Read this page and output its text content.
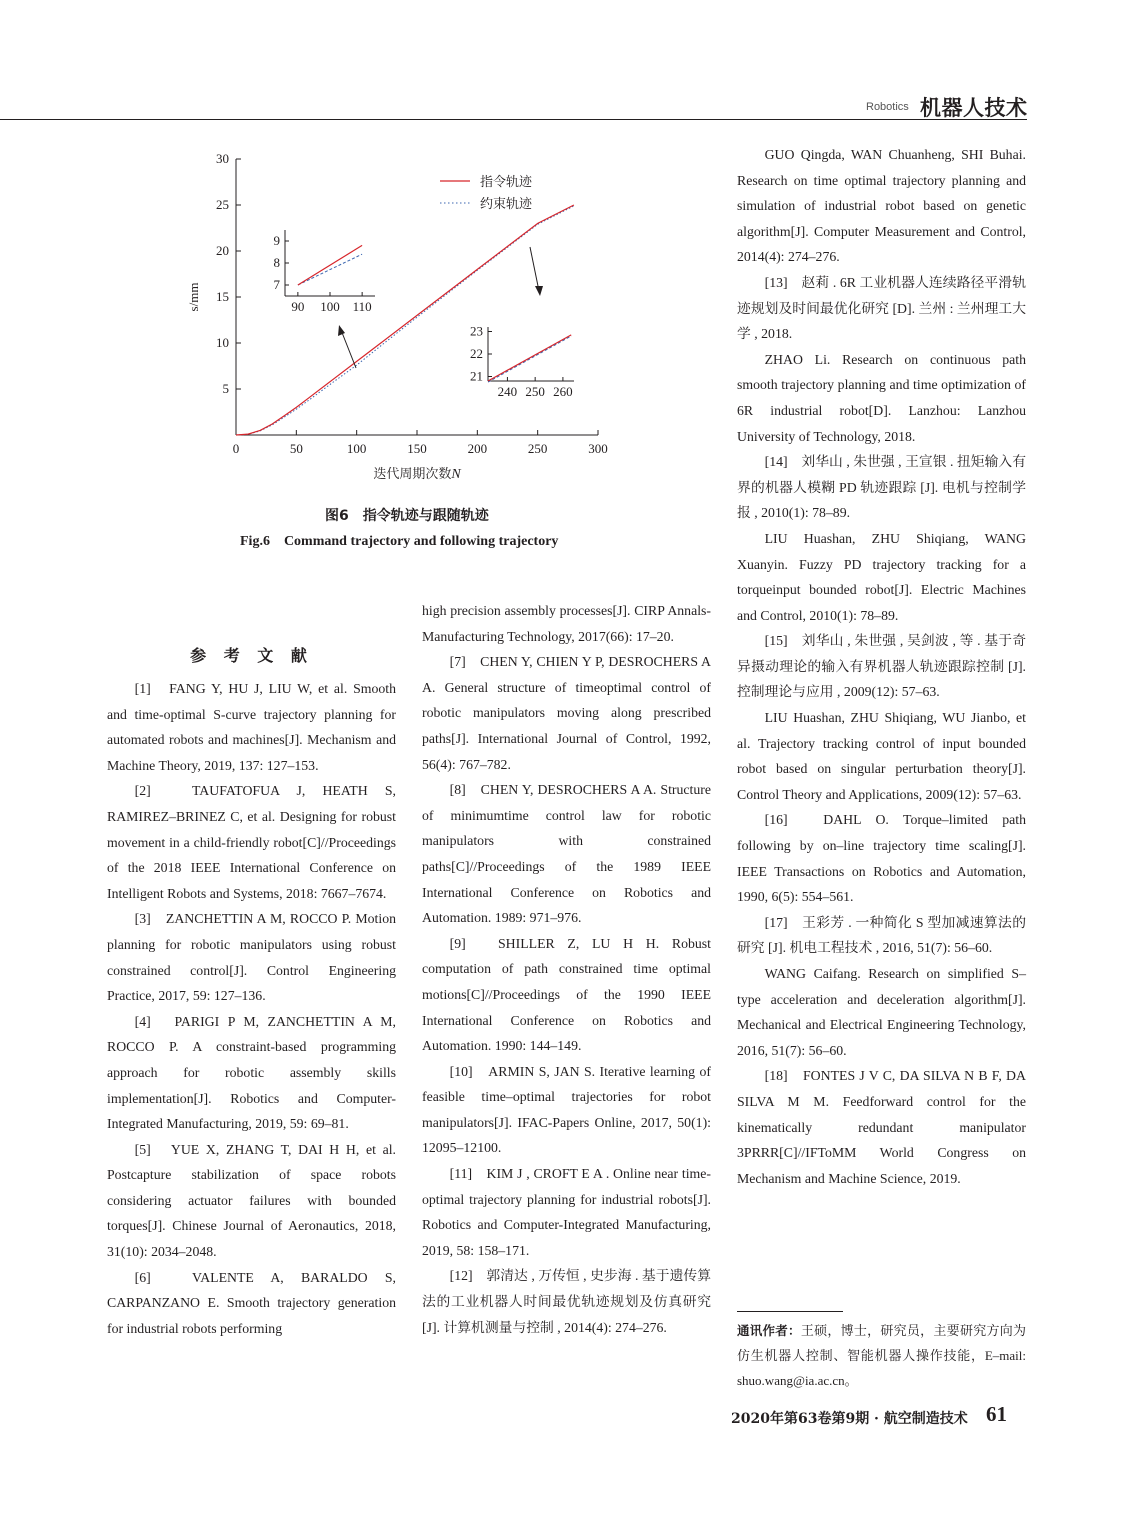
Robotics 机器人技术
0	50	100	150	200	250	300
5
10
15
20
25
30
迭代周期次数N
s/mm	90 100 110
7
8
9
240 250 260
21
22
23
指令轨迹
约束轨迹
图6　指令轨迹与跟随轨迹
Fig.6　Command trajectory and following trajectory
参 考 文 献

[1]　FANG Y, HU J, LIU W, et al. Smooth and time-optimal S-curve trajectory planning for automated robots and machines[J]. Mechanism and Machine Theory, 2019, 137: 127–153.

[2]　TAUFATOFUA J, HEATH S, RAMIREZ–BRINEZ C, et al. Designing for robust movement in a child-friendly robot[C]//Proceedings of the 2018 IEEE International Conference on Intelligent Robots and Systems, 2018: 7667–7674.

[3]　ZANCHETTIN A M, ROCCO P. Motion planning for robotic manipulators using robust constrained control[J]. Control Engineering Practice, 2017, 59: 127–136.

[4]　PARIGI P M, ZANCHETTIN A M, ROCCO P. A constraint-based programming approach for robotic assembly skills implementation[J]. Robotics and Computer-Integrated Manufacturing, 2019, 59: 69–81.

[5]　YUE X, ZHANG T, DAI H H, et al. Postcapture stabilization of space robots considering actuator failures with bounded torques[J]. Chinese Journal of Aeronautics, 2018, 31(10): 2034–2048.

[6]　VALENTE A, BARALDO S, CARPANZANO E. Smooth trajectory generation for industrial robots performing

high precision assembly processes[J]. CIRP Annals-Manufacturing Technology, 2017(66): 17–20.

[7]　CHEN Y, CHIEN Y P, DESROCHERS A A. General structure of timeoptimal control of robotic manipulators moving along prescribed paths[J]. International Journal of Control, 1992, 56(4): 767–782.

[8]　CHEN Y, DESROCHERS A A. Structure of minimumtime control law for robotic manipulators with constrained paths[C]//Proceedings of the 1989 IEEE International Conference on Robotics and Automation. 1989: 971–976.

[9]　SHILLER Z, LU H H. Robust computation of path constrained time optimal motions[C]//Proceedings of the 1990 IEEE International Conference on Robotics and Automation. 1990: 144–149.

[10]　ARMIN S, JAN S. Iterative learning of feasible time–optimal trajectories for robot manipulators[J]. IFAC-Papers Online, 2017, 50(1): 12095–12100.

[11]　KIM J , CROFT E A . Online near time-optimal trajectory planning for industrial robots[J]. Robotics and Computer-Integrated Manufacturing, 2019, 58: 158–171.

[12]　郭清达 , 万传恒 , 史步海 . 基于遗传算法的工业机器人时间最优轨迹规划及仿真研究[J]. 计算机测量与控制 , 2014(4): 274–276.

GUO Qingda, WAN Chuanheng, SHI Buhai. Research on time optimal trajectory planning and simulation of industrial robot based on genetic algorithm[J]. Computer Measurement and Control, 2014(4): 274–276.

[13]　赵莉 . 6R 工业机器人连续路径平滑轨迹规划及时间最优化研究 [D]. 兰州 : 兰州理工大学 , 2018.

ZHAO Li. Research on continuous path smooth trajectory planning and time optimization of 6R industrial robot[D]. Lanzhou: Lanzhou University of Technology, 2018.

[14]　刘华山 , 朱世强 , 王宣银 . 扭矩输入有界的机器人模糊 PD 轨迹跟踪 [J]. 电机与控制学报 , 2010(1): 78–89.

LIU Huashan, ZHU Shiqiang, WANG Xuanyin. Fuzzy PD trajectory tracking for a torqueinput bounded robot[J]. Electric Machines and Control, 2010(1): 78–89.

[15]　刘华山 , 朱世强 , 吴剑波 , 等 . 基于奇异摄动理论的输入有界机器人轨迹跟踪控制 [J]. 控制理论与应用 , 2009(12): 57–63.

LIU Huashan, ZHU Shiqiang, WU Jianbo, et al. Trajectory tracking control of input bounded robot based on singular perturbation theory[J]. Control Theory and Applications, 2009(12): 57–63.

[16]　DAHL O. Torque–limited path following by on–line trajectory time scaling[J]. IEEE Transactions on Robotics and Automation, 1990, 6(5): 554–561.

[17]　王彩芳 . 一种简化 S 型加减速算法的研究 [J]. 机电工程技术 , 2016, 51(7): 56–60.

WANG Caifang. Research on simplified S–type acceleration and deceleration algorithm[J]. Mechanical and Electrical Engineering Technology, 2016, 51(7): 56–60.

[18]　FONTES J V C, DA SILVA N B F, DA SILVA M M. Feedforward control for the kinematically redundant manipulator 3PRRR[C]//IFToMM World Congress on Mechanism and Machine Science, 2019.

通讯作者：王硕，博士，研究员，主要研究方向为仿生机器人控制、智能机器人操作技能，E–mail: shuo.wang@ia.ac.cn。
2020年第63卷第9期 · 航空制造技术 61
